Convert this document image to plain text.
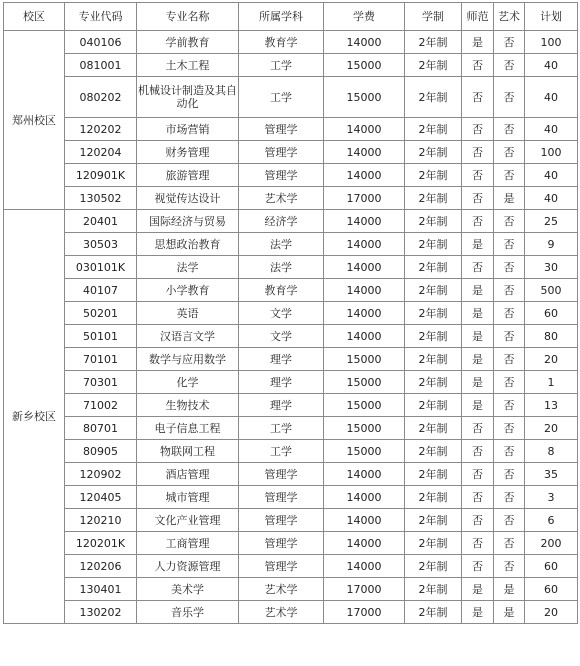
校区	专业代码	专业名称	所属学科	学费	学制	师范	艺术	计划
郑州校区	040106	学前教育	教育学	14000	2年制	是	否	100
	081001	土木工程	工学	15000	2年制	否	否	40
	080202	机械设计制造及其自动化	工学	15000	2年制	否	否	40
	120202	市场营销	管理学	14000	2年制	否	否	40
	120204	财务管理	管理学	14000	2年制	否	否	100
	120901K	旅游管理	管理学	14000	2年制	否	否	40
	130502	视觉传达设计	艺术学	17000	2年制	否	是	40
新乡校区	20401	国际经济与贸易	经济学	14000	2年制	否	否	25
	30503	思想政治教育	法学	14000	2年制	是	否	9
	030101K	法学	法学	14000	2年制	否	否	30
	40107	小学教育	教育学	14000	2年制	是	否	500
	50201	英语	文学	14000	2年制	是	否	60
	50101	汉语言文学	文学	14000	2年制	是	否	80
	70101	数学与应用数学	理学	15000	2年制	是	否	20
	70301	化学	理学	15000	2年制	是	否	1
	71002	生物技术	理学	15000	2年制	是	否	13
	80701	电子信息工程	工学	15000	2年制	否	否	20
	80905	物联网工程	工学	15000	2年制	否	否	8
	120902	酒店管理	管理学	14000	2年制	否	否	35
	120405	城市管理	管理学	14000	2年制	否	否	3
	120210	文化产业管理	管理学	14000	2年制	否	否	6
	120201K	工商管理	管理学	14000	2年制	否	否	200
	120206	人力资源管理	管理学	14000	2年制	否	否	60
	130401	美术学	艺术学	17000	2年制	是	是	60
	130202	音乐学	艺术学	17000	2年制	是	是	20
